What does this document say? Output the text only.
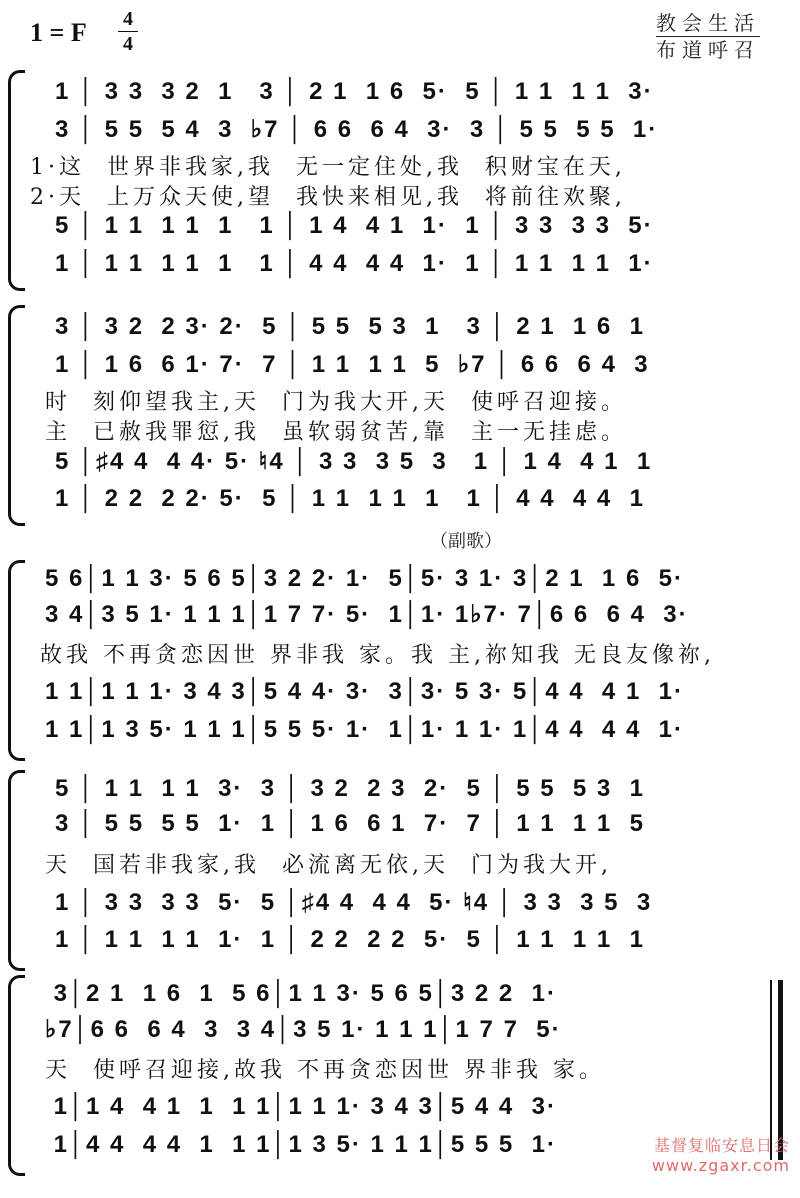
1 = F 4
4
教会生活
布道呼召
1 │ 3 3  3 2  1   3 │ 2 1  1 6  5·  5 │ 1 1  1 1  3·
3 │ 5 5  5 4  3  ♭7 │ 6 6  6 4  3·  3 │ 5 5  5 5  1·
1·这  世界非我家,我  无一定住处,我  积财宝在天,
2·天  上万众天使,望  我快来相见,我  将前往欢聚,
5 │ 1 1  1 1  1   1 │ 1 4  4 1  1·  1 │ 3 3  3 3  5·
1 │ 1 1  1 1  1   1 │ 4 4  4 4  1·  1 │ 1 1  1 1  1·
3 │ 3 2  2 3· 2·  5 │ 5 5  5 3  1   3 │ 2 1  1 6  1
1 │ 1 6  6 1· 7·  7 │ 1 1  1 1  5  ♭7 │ 6 6  6 4  3
时  刻仰望我主,天  门为我大开,天  使呼召迎接。
主  已赦我罪愆,我  虽软弱贫苦,靠  主一无挂虑。
5 │♯4 4  4 4· 5· ♮4 │ 3 3  3 5  3   1 │ 1 4  4 1  1
1 │ 2 2  2 2· 5·  5 │ 1 1  1 1  1   1 │ 4 4  4 4  1
（副歌）
5 6│1 1 3· 5 6 5│3 2 2· 1·  5│5· 3 1· 3│2 1  1 6  5·
3 4│3 5 1· 1 1 1│1 7 7· 5·  1│1· 1♭7· 7│6 6  6 4  3·
故我 不再贪恋因世 界非我 家。我 主,祢知我 无良友像祢,
1 1│1 1 1· 3 4 3│5 4 4· 3·  3│3· 5 3· 5│4 4  4 1  1·
1 1│1 3 5· 1 1 1│5 5 5· 1·  1│1· 1 1· 1│4 4  4 4  1·
5 │ 1 1  1 1  3·  3 │ 3 2  2 3  2·  5 │ 5 5  5 3  1
3 │ 5 5  5 5  1·  1 │ 1 6  6 1  7·  7 │ 1 1  1 1  5
天  国若非我家,我  必流离无依,天  门为我大开,
1 │ 3 3  3 3  5·  5 │♯4 4  4 4  5· ♮4 │ 3 3  3 5  3
1 │ 1 1  1 1  1·  1 │ 2 2  2 2  5·  5 │ 1 1  1 1  1
3│2 1  1 6  1  5 6│1 1 3· 5 6 5│3 2 2  1·
♭7│6 6  6 4  3  3 4│3 5 1· 1 1 1│1 7 7  5·
天  使呼召迎接,故我 不再贪恋因世 界非我 家。
1│1 4  4 1  1  1 1│1 1 1· 3 4 3│5 4 4  3·
1│4 4  4 4  1  1 1│1 3 5· 1 1 1│5 5 5  1·	基督复临安息日会
www.zgaxr.com
